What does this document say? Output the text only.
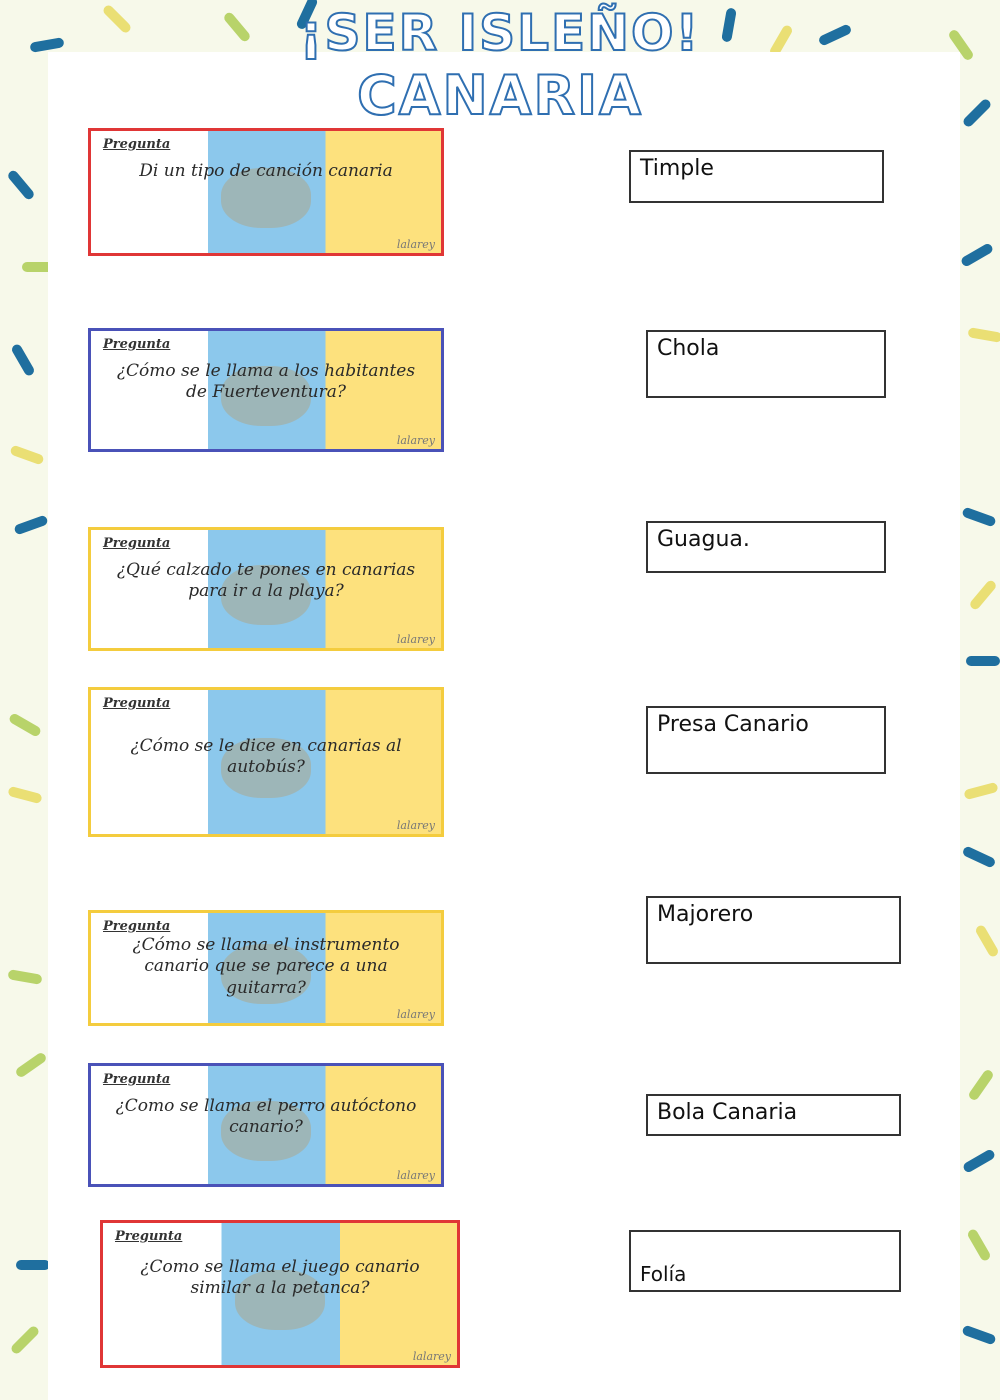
¡SER ISLEÑO!
CANARIA
Pregunta
Di un tipo de canción canaria
lalarey
Pregunta
¿Cómo se le llama a los habitantes de Fuerteventura?
lalarey
Pregunta
¿Qué calzado te pones en canarias para ir a la playa?
lalarey
Pregunta
¿Cómo se le dice en canarias al autobús?
lalarey
Pregunta
¿Cómo se llama el instrumento canario que se parece a una guitarra?
lalarey
Pregunta
¿Como se llama el perro autóctono canario?
lalarey
Pregunta
¿Como se llama el juego canario similar a la petanca?
lalarey
Timple
Chola
Guagua.
Presa Canario
Majorero
Bola Canaria
Folía
